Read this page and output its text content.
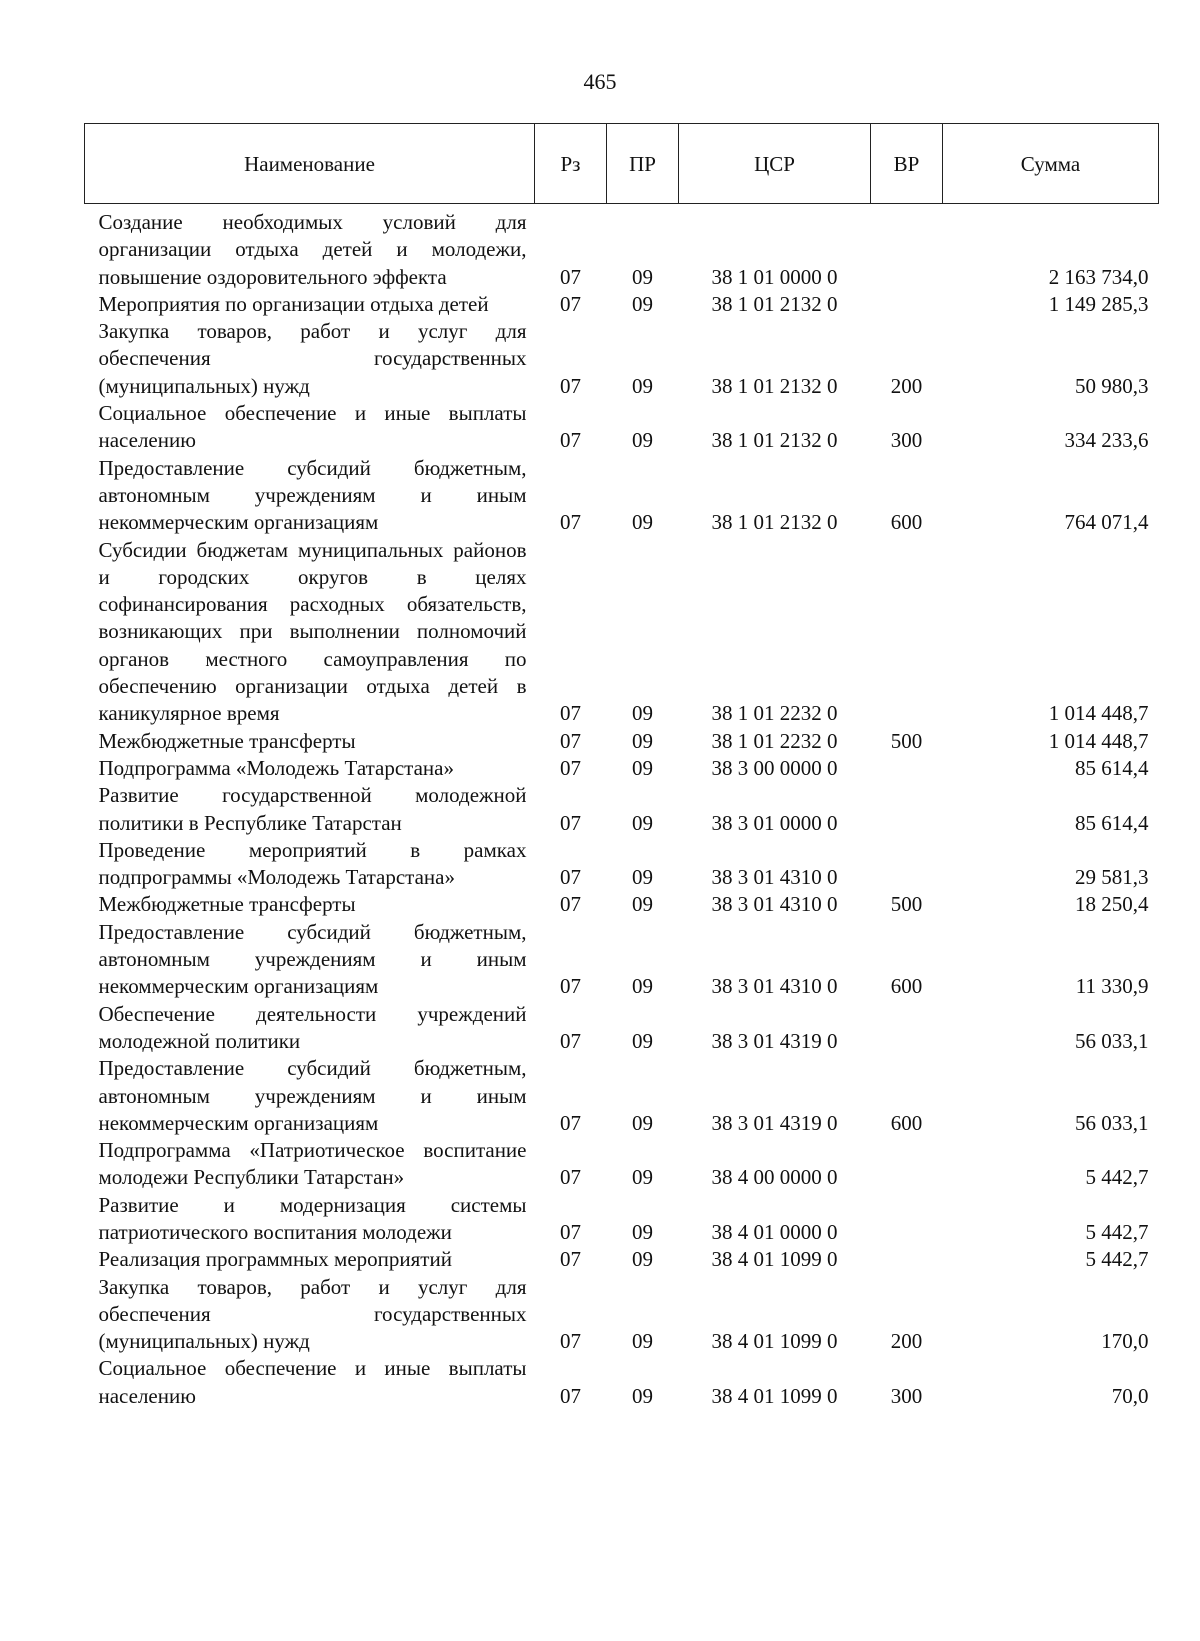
465
Наименование	Рз	ПР	ЦСР	ВР	Сумма
Создание необходимых условий для организации отдыха детей и молодежи, повышение оздоровительного эффекта	07	09	38 1 01 0000 0		2 163 734,0
Мероприятия по организации отдыха детей	07	09	38 1 01 2132 0		1 149 285,3
Закупка товаров, работ и услуг для обеспечения государственных (муниципальных) нужд	07	09	38 1 01 2132 0	200	50 980,3
Социальное обеспечение и иные выплаты населению	07	09	38 1 01 2132 0	300	334 233,6
Предоставление субсидий бюджетным, автономным учреждениям и иным некоммерческим организациям	07	09	38 1 01 2132 0	600	764 071,4
Субсидии бюджетам муниципальных районов и городских округов в целях софинансирования расходных обязательств, возникающих при выполнении полномочий органов местного самоуправления по обеспечению организации отдыха детей в каникулярное время	07	09	38 1 01 2232 0		1 014 448,7
Межбюджетные трансферты	07	09	38 1 01 2232 0	500	1 014 448,7
Подпрограмма «Молодежь Татарстана»	07	09	38 3 00 0000 0		85 614,4
Развитие государственной молодежной политики в Республике Татарстан	07	09	38 3 01 0000 0		85 614,4
Проведение мероприятий в рамках подпрограммы «Молодежь Татарстана»	07	09	38 3 01 4310 0		29 581,3
Межбюджетные трансферты	07	09	38 3 01 4310 0	500	18 250,4
Предоставление субсидий бюджетным, автономным учреждениям и иным некоммерческим организациям	07	09	38 3 01 4310 0	600	11 330,9
Обеспечение деятельности учреждений молодежной политики	07	09	38 3 01 4319 0		56 033,1
Предоставление субсидий бюджетным, автономным учреждениям и иным некоммерческим организациям	07	09	38 3 01 4319 0	600	56 033,1
Подпрограмма «Патриотическое воспитание молодежи Республики Татарстан»	07	09	38 4 00 0000 0		5 442,7
Развитие и модернизация системы патриотического воспитания молодежи	07	09	38 4 01 0000 0		5 442,7
Реализация программных мероприятий	07	09	38 4 01 1099 0		5 442,7
Закупка товаров, работ и услуг для обеспечения государственных (муниципальных) нужд	07	09	38 4 01 1099 0	200	170,0
Социальное обеспечение и иные выплаты населению	07	09	38 4 01 1099 0	300	70,0
